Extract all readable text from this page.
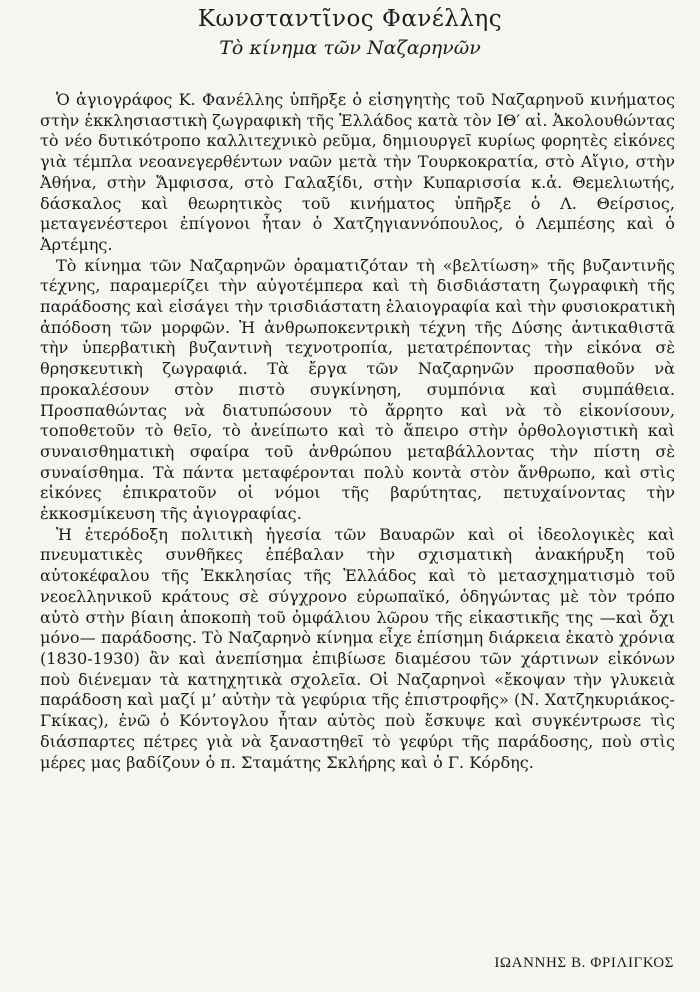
Κωνσταντῖνος Φανέλλης
Τὸ κίνημα τῶν Ναζαρηνῶν

Ὁ ἁγιογράφος Κ. Φανέλλης ὑπῆρξε ὁ εἰσηγητὴς τοῦ Ναζαρηνοῦ κινήματος στὴν ἐκκλησιαστικὴ ζωγραφικὴ τῆς Ἑλλάδος κατὰ τὸν ΙΘ′ αἰ. Ἀκολουθώντας τὸ νέο δυτικότροπο καλλιτεχνικὸ ρεῦμα, δημιουργεῖ κυρίως φορητὲς εἰκόνες γιὰ τέμπλα νεοανεγερθέντων ναῶν μετὰ τὴν Τουρκοκρατία, στὸ Αἴγιο, στὴν Ἀθήνα, στὴν Ἄμφισσα, στὸ Γαλαξίδι, στὴν Κυπαρισσία κ.ἀ. Θεμελιωτής, δάσκαλος καὶ θεωρητικὸς τοῦ κινήματος ὑπῆρξε ὁ Λ. Θείρσιος, μεταγενέστεροι ἐπίγονοι ἦταν ὁ Χατζηγιαννόπουλος, ὁ Λεμπέσης καὶ ὁ Ἀρτέμης.

Τὸ κίνημα τῶν Ναζαρηνῶν ὁραματιζόταν τὴ «βελτίωση» τῆς βυζαντινῆς τέχνης, παραμερίζει τὴν αὐγοτέμπερα καὶ τὴ δισδιάστατη ζωγραφικὴ τῆς παράδοσης καὶ εἰσάγει τὴν τρισδιάστατη ἐλαιογραφία καὶ τὴν φυσιοκρατικὴ ἀπόδοση τῶν μορφῶν. Ἡ ἀνθρωποκεντρικὴ τέχνη τῆς Δύσης ἀντικαθιστᾶ τὴν ὑπερβατικὴ βυζαντινὴ τεχνοτροπία, μετατρέποντας τὴν εἰκόνα σὲ θρησκευτικὴ ζωγραφιά. Τὰ ἔργα τῶν Ναζαρηνῶν προσπαθοῦν νὰ προκαλέσουν στὸν πιστὸ συγκίνηση, συμπόνια καὶ συμπάθεια. Προσπαθώντας νὰ διατυπώσουν τὸ ἄρρητο καὶ νὰ τὸ εἰκονίσουν, τοποθετοῦν τὸ θεῖο, τὸ ἀνείπωτο καὶ τὸ ἄπειρο στὴν ὀρθολογιστικὴ καὶ συναισθηματικὴ σφαίρα τοῦ ἀνθρώπου μεταβάλλοντας τὴν πίστη σὲ συναίσθημα. Τὰ πάντα μεταφέρονται πολὺ κοντὰ στὸν ἄνθρωπο, καὶ στὶς εἰκόνες ἐπικρατοῦν οἱ νόμοι τῆς βαρύτητας, πετυχαίνοντας τὴν ἐκκοσμίκευση τῆς ἁγιογραφίας.

Ἡ ἑτερόδοξη πολιτικὴ ἡγεσία τῶν Βαυαρῶν καὶ οἱ ἰδεολογικὲς καὶ πνευματικὲς συνθῆκες ἐπέβαλαν τὴν σχισματικὴ ἀνακήρυξη τοῦ αὐτοκέφαλου τῆς Ἐκκλησίας τῆς Ἑλλάδος καὶ τὸ μετασχηματισμὸ τοῦ νεοελληνικοῦ κράτους σὲ σύγχρονο εὐρωπαϊκό, ὁδηγώντας μὲ τὸν τρόπο αὐτὸ στὴν βίαιη ἀποκοπὴ τοῦ ὀμφάλιου λῶρου τῆς εἰκαστικῆς της —καὶ ὄχι μόνο— παράδοσης. Τὸ Ναζαρηνὸ κίνημα εἶχε ἐπίσημη διάρκεια ἑκατὸ χρόνια (1830-1930) ἂν καὶ ἀνεπίσημα ἐπιβίωσε διαμέσου τῶν χάρτινων εἰκόνων ποὺ διένεμαν τὰ κατηχητικὰ σχολεῖα. Οἱ Ναζαρηνοὶ «ἔκοψαν τὴν γλυκειὰ παράδοση καὶ μαζί μ’ αὐτὴν τὰ γεφύρια τῆς ἐπιστροφῆς» (Ν. Χατζηκυριάκος-Γκίκας), ἐνῶ ὁ Κόντογλου ἦταν αὐτὸς ποὺ ἔσκυψε καὶ συγκέντρωσε τὶς διάσπαρτες πέτρες γιὰ νὰ ξαναστηθεῖ τὸ γεφύρι τῆς παράδοσης, ποὺ στὶς μέρες μας βαδίζουν ὁ π. Σταμάτης Σκλήρης καὶ ὁ Γ. Κόρδης.

ΙΩΑΝΝΗΣ Β. ΦΡΙΛΙΓΚΟΣ
